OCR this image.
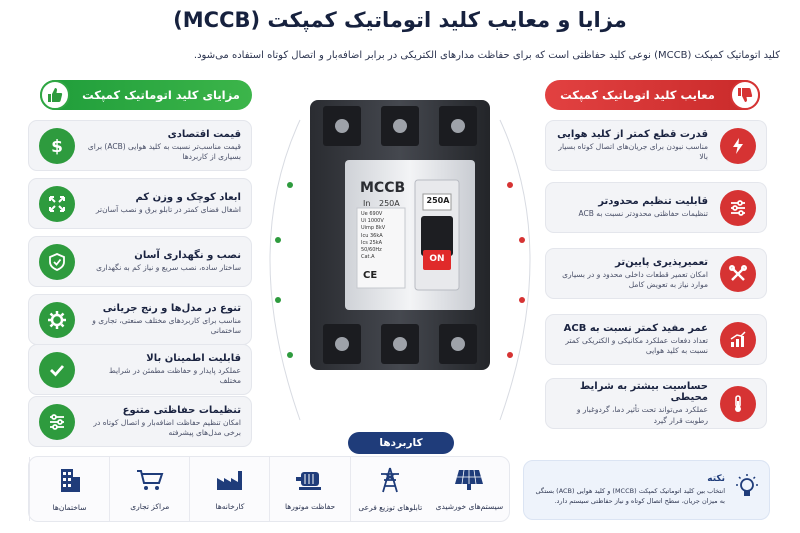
مزایا و معایب کلید اتوماتیک کمپکت (MCCB)
کلید اتوماتیک کمپکت (MCCB) نوعی کلید حفاظتی است که برای حفاظت مدارهای الکتریکی در برابر اضافه‌بار و اتصال کوتاه استفاده می‌شود.
مزایای کلید اتوماتیک کمپکت	معایب کلید اتوماتیک کمپکت
$
قیمت اقتصادی
قیمت مناسب‌تر نسبت به کلید هوایی (ACB) برای بسیاری از کاربردها
ابعاد کوچک و وزن کم
اشغال فضای کمتر در تابلو برق و نصب آسان‌تر
نصب و نگهداری آسان
ساختار ساده، نصب سریع و نیاز کم به نگهداری
تنوع در مدل‌ها و رنج جریانی
مناسب برای کاربردهای مختلف صنعتی، تجاری و ساختمانی
قابلیت اطمینان بالا
عملکرد پایدار و حفاظت مطمئن در شرایط مختلف
تنظیمات حفاظتی متنوع
امکان تنظیم حفاظت اضافه‌بار و اتصال کوتاه در برخی مدل‌های پیشرفته
قدرت قطع کمتر از کلید هوایی
مناسب نبودن برای جریان‌های اتصال کوتاه بسیار بالا
قابلیت تنظیم محدودتر
تنظیمات حفاظتی محدودتر نسبت به ACB
تعمیرپذیری پایین‌تر
امکان تعمیر قطعات داخلی محدود و در بسیاری موارد نیاز به تعویض کامل
عمر مفید کمتر نسبت به ACB
تعداد دفعات عملکرد مکانیکی و الکتریکی کمتر نسبت به کلید هوایی
حساسیت بیشتر به شرایط محیطی
عملکرد می‌تواند تحت تأثیر دما، گردوغبار و رطوبت قرار گیرد
MCCB
In 250A	250A
ON
Ue 690V
Ui 1000V
Uimp 8kV
Icu 36kA
Ics 25kA
50/60Hz
Cat.A
CE
کاربردها
سیستم‌های خورشیدی
تابلوهای توزیع فرعی
حفاظت موتورها
کارخانه‌ها
مراکز تجاری
ساختمان‌ها
نکته
انتخاب بین کلید اتوماتیک کمپکت (MCCB) و کلید هوایی (ACB) بستگی به میزان جریان، سطح اتصال کوتاه و نیاز حفاظتی سیستم دارد.
